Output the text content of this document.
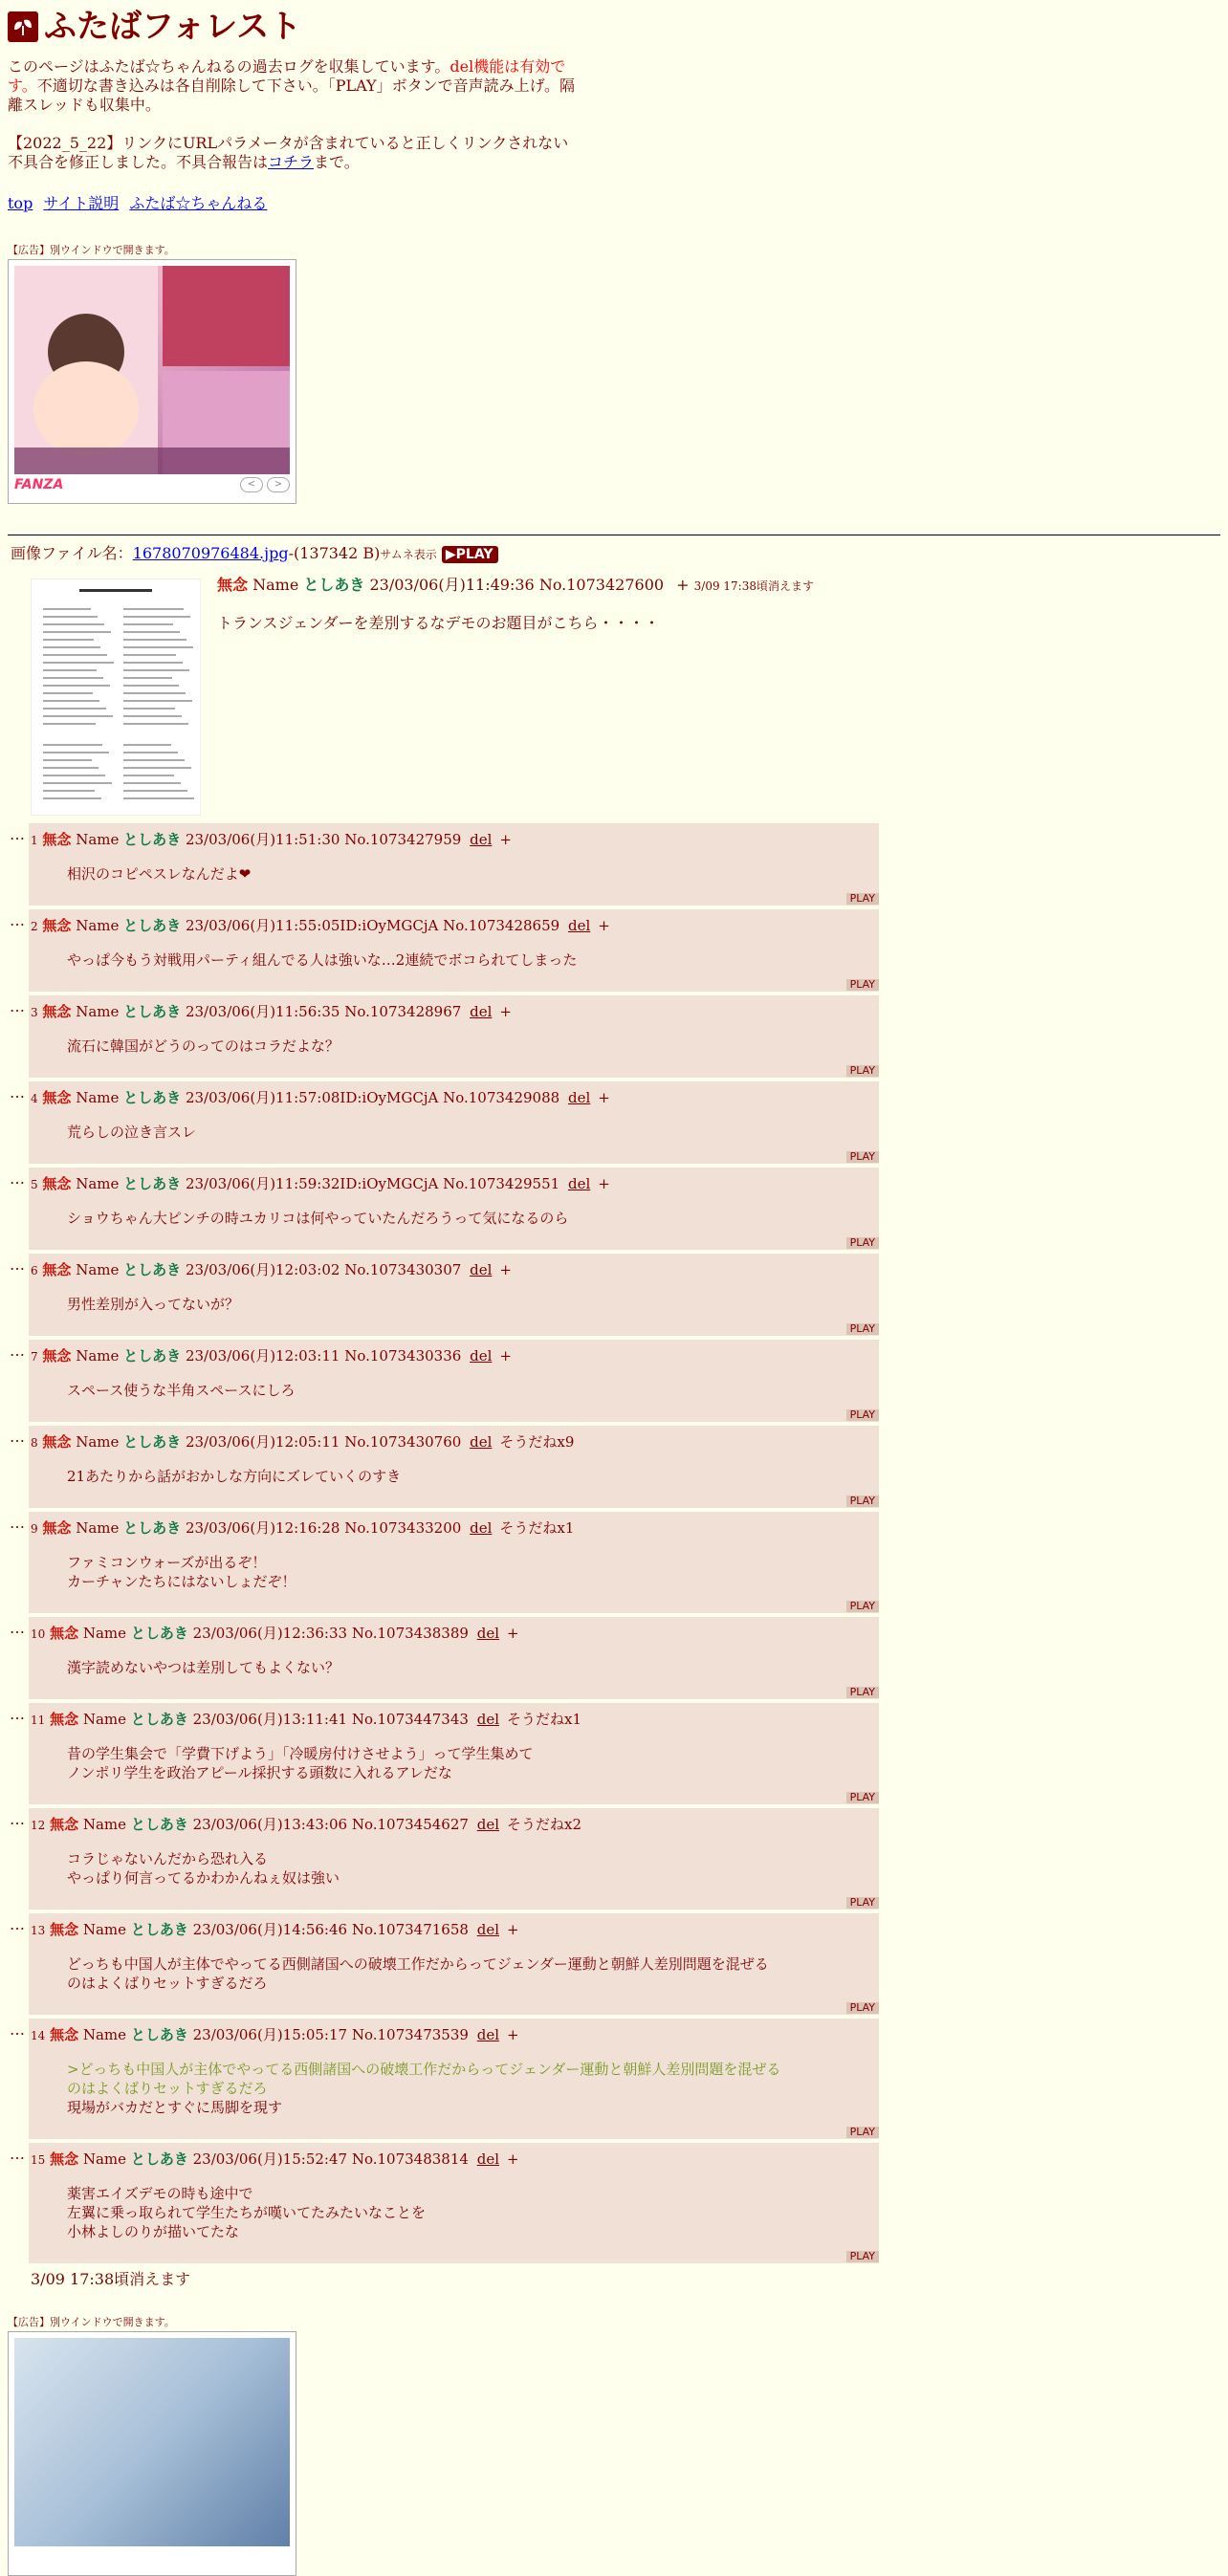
ふたばフォレスト
このページはふたば☆ちゃんねるの過去ログを収集しています。del機能は有効です。不適切な書き込みは各自削除して下さい。「PLAY」ボタンで音声読み上げ。隔離スレッドも収集中。
【2022_5_22】リンクにURLパラメータが含まれていると正しくリンクされない不具合を修正しました。不具合報告はコチラまで。
top サイト説明 ふたば☆ちゃんねる
【広告】別ウインドウで開きます。
FANZA	<	>
画像ファイル名：1678070976484.jpg-(137342 B)サムネ表示 ▶PLAY
無念 Name としあき 23/03/06(月)11:49:36 No.1073427600 + 3/09 17:38頃消えます
トランスジェンダーを差別するなデモのお題目がこちら・・・・
… 1 無念 Name としあき 23/03/06(月)11:51:30 No.1073427959 del +
相沢のコピペスレなんだよ❤
PLAY
… 2 無念 Name としあき 23/03/06(月)11:55:05ID:iOyMGCjA No.1073428659 del +
やっぱ今もう対戦用パーティ組んでる人は強いな…2連続でボコられてしまった
PLAY
… 3 無念 Name としあき 23/03/06(月)11:56:35 No.1073428967 del +
流石に韓国がどうのってのはコラだよな？
PLAY
… 4 無念 Name としあき 23/03/06(月)11:57:08ID:iOyMGCjA No.1073429088 del +
荒らしの泣き言スレ
PLAY
… 5 無念 Name としあき 23/03/06(月)11:59:32ID:iOyMGCjA No.1073429551 del +
ショウちゃん大ピンチの時ユカリコは何やっていたんだろうって気になるのら
PLAY
… 6 無念 Name としあき 23/03/06(月)12:03:02 No.1073430307 del +
男性差別が入ってないが？
PLAY
… 7 無念 Name としあき 23/03/06(月)12:03:11 No.1073430336 del +
スペース使うな半角スペースにしろ
PLAY
… 8 無念 Name としあき 23/03/06(月)12:05:11 No.1073430760 del そうだねx9
21あたりから話がおかしな方向にズレていくのすき
PLAY
… 9 無念 Name としあき 23/03/06(月)12:16:28 No.1073433200 del そうだねx1
ファミコンウォーズが出るぞ！
カーチャンたちにはないしょだぞ！
PLAY
… 10 無念 Name としあき 23/03/06(月)12:36:33 No.1073438389 del +
漢字読めないやつは差別してもよくない？
PLAY
… 11 無念 Name としあき 23/03/06(月)13:11:41 No.1073447343 del そうだねx1
昔の学生集会で「学費下げよう」「冷暖房付けさせよう」って学生集めて
ノンポリ学生を政治アピール採択する頭数に入れるアレだな
PLAY
… 12 無念 Name としあき 23/03/06(月)13:43:06 No.1073454627 del そうだねx2
コラじゃないんだから恐れ入る
やっぱり何言ってるかわかんねぇ奴は強い
PLAY
… 13 無念 Name としあき 23/03/06(月)14:56:46 No.1073471658 del +
どっちも中国人が主体でやってる西側諸国への破壊工作だからってジェンダー運動と朝鮮人差別問題を混ぜる
のはよくばりセットすぎるだろ
PLAY
… 14 無念 Name としあき 23/03/06(月)15:05:17 No.1073473539 del +
>どっちも中国人が主体でやってる西側諸国への破壊工作だからってジェンダー運動と朝鮮人差別問題を混ぜる
のはよくばりセットすぎるだろ
現場がバカだとすぐに馬脚を現す
PLAY
… 15 無念 Name としあき 23/03/06(月)15:52:47 No.1073483814 del +
薬害エイズデモの時も途中で
左翼に乗っ取られて学生たちが嘆いてたみたいなことを
小林よしのりが描いてたな
PLAY
3/09 17:38頃消えます
【広告】別ウインドウで開きます。
